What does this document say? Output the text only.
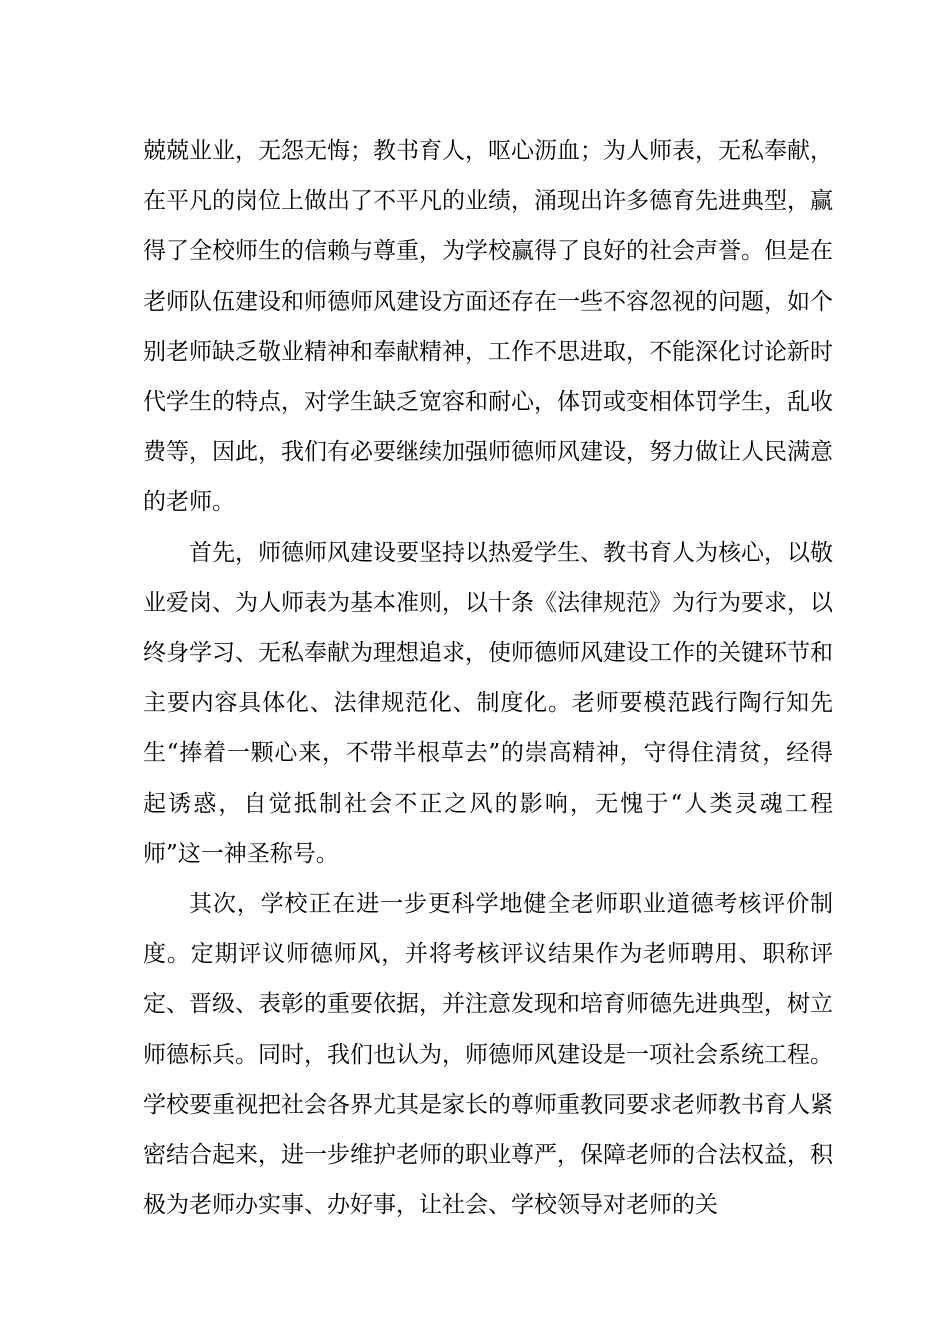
兢兢业业，无怨无悔；教书育人，呕心沥血；为人师表，无私奉献，在平凡的岗位上做出了不平凡的业绩，涌现出许多德育先进典型，赢得了全校师生的信赖与尊重，为学校赢得了良好的社会声誉。但是在老师队伍建设和师德师风建设方面还存在一些不容忽视的问题，如个别老师缺乏敬业精神和奉献精神，工作不思进取，不能深化讨论新时代学生的特点，对学生缺乏宽容和耐心，体罚或变相体罚学生，乱收费等，因此，我们有必要继续加强师德师风建设，努力做让人民满意的老师。

首先，师德师风建设要坚持以热爱学生、教书育人为核心，以敬业爱岗、为人师表为基本准则，以十条《法律规范》为行为要求，以终身学习、无私奉献为理想追求，使师德师风建设工作的关键环节和主要内容具体化、法律规范化、制度化。老师要模范践行陶行知先生“捧着一颗心来，不带半根草去”的崇高精神，守得住清贫，经得起诱惑，自觉抵制社会不正之风的影响，无愧于“人类灵魂工程师”这一神圣称号。

其次，学校正在进一步更科学地健全老师职业道德考核评价制度。定期评议师德师风，并将考核评议结果作为老师聘用、职称评定、晋级、表彰的重要依据，并注意发现和培育师德先进典型，树立师德标兵。同时，我们也认为，师德师风建设是一项社会系统工程。学校要重视把社会各界尤其是家长的尊师重教同要求老师教书育人紧密结合起来，进一步维护老师的职业尊严，保障老师的合法权益，积极为老师办实事、办好事，让社会、学校领导对老师的关
